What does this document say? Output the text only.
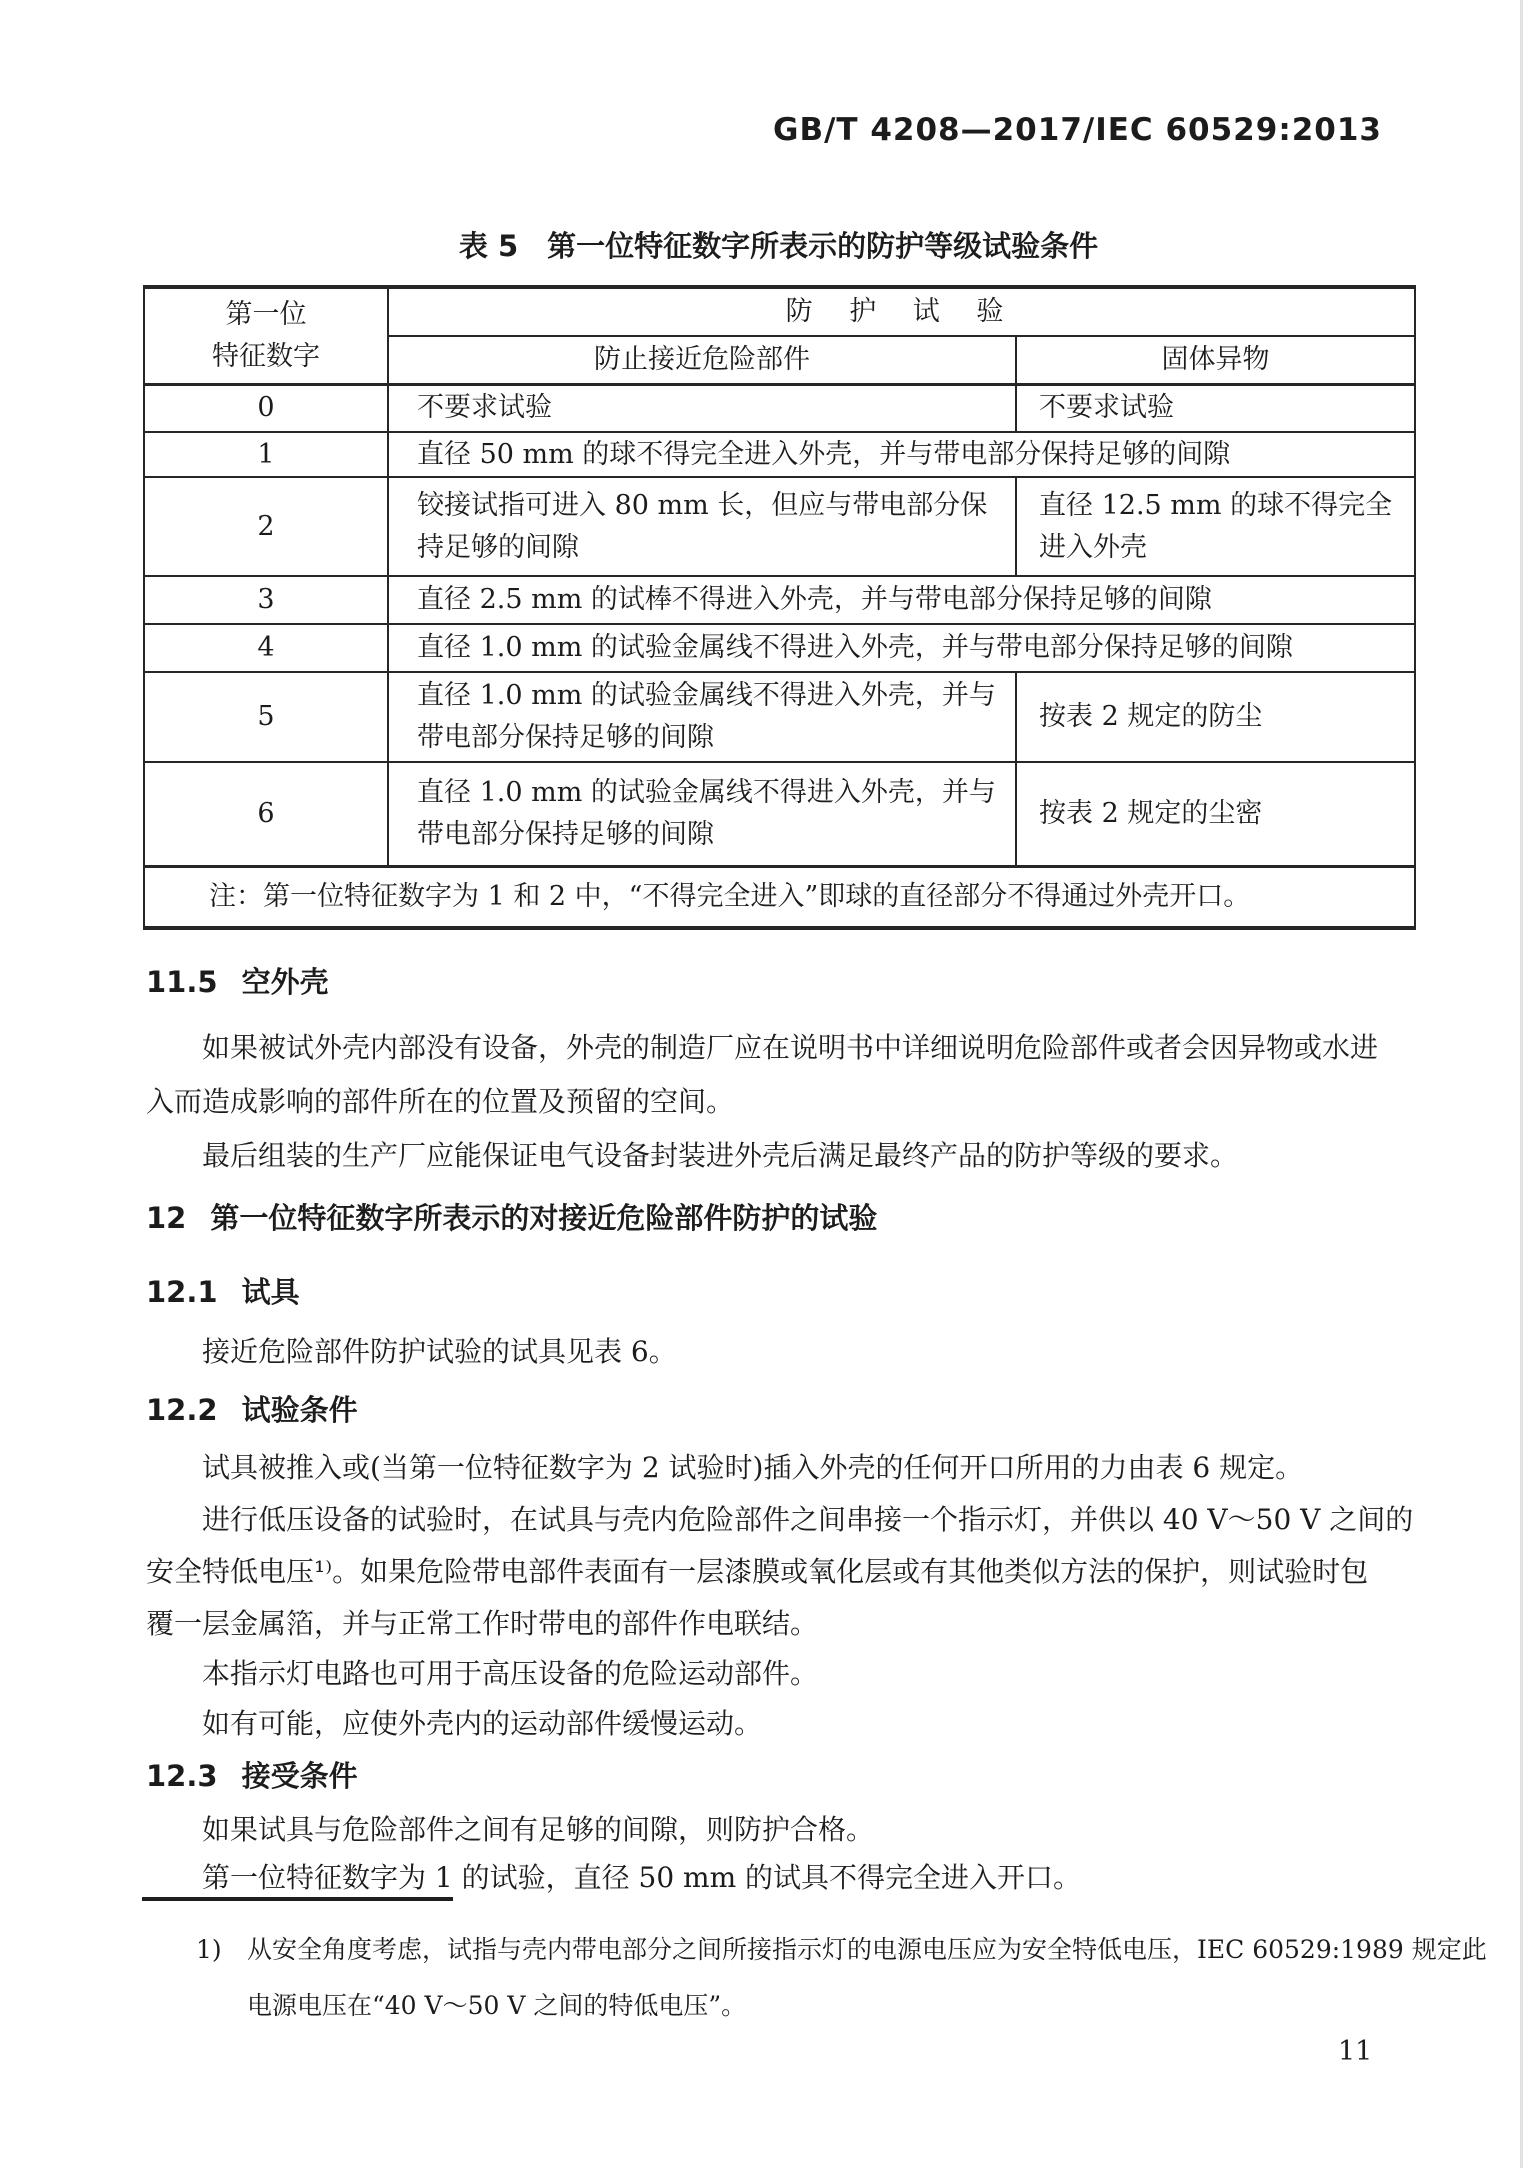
GB/T 4208—2017/IEC 60529:2013
表 5　第一位特征数字所表示的防护等级试验条件
第一位
特征数字	防 护 试 验	
	防止接近危险部件	固体异物
0	不要求试验	不要求试验
1	直径 50 mm 的球不得完全进入外壳，并与带电部分保持足够的间隙	
2	铰接试指可进入 80 mm 长，但应与带电部分保持足够的间隙	直径 12.5 mm 的球不得完全进入外壳
3	直径 2.5 mm 的试棒不得进入外壳，并与带电部分保持足够的间隙	
4	直径 1.0 mm 的试验金属线不得进入外壳，并与带电部分保持足够的间隙	
5	直径 1.0 mm 的试验金属线不得进入外壳，并与带电部分保持足够的间隙	按表 2 规定的防尘
6	直径 1.0 mm 的试验金属线不得进入外壳，并与带电部分保持足够的间隙	按表 2 规定的尘密
注：第一位特征数字为 1 和 2 中，“不得完全进入”即球的直径部分不得通过外壳开口。		
11.5 空外壳
如果被试外壳内部没有设备，外壳的制造厂应在说明书中详细说明危险部件或者会因异物或水进
入而造成影响的部件所在的位置及预留的空间。
最后组装的生产厂应能保证电气设备封装进外壳后满足最终产品的防护等级的要求。
12 第一位特征数字所表示的对接近危险部件防护的试验
12.1 试具
接近危险部件防护试验的试具见表 6。
12.2 试验条件
试具被推入或(当第一位特征数字为 2 试验时)插入外壳的任何开口所用的力由表 6 规定。
进行低压设备的试验时，在试具与壳内危险部件之间串接一个指示灯，并供以 40 V～50 V 之间的
安全特低电压¹⁾。如果危险带电部件表面有一层漆膜或氧化层或有其他类似方法的保护，则试验时包
覆一层金属箔，并与正常工作时带电的部件作电联结。
本指示灯电路也可用于高压设备的危险运动部件。
如有可能，应使外壳内的运动部件缓慢运动。
12.3 接受条件
如果试具与危险部件之间有足够的间隙，则防护合格。
第一位特征数字为 1 的试验，直径 50 mm 的试具不得完全进入开口。
1) 从安全角度考虑，试指与壳内带电部分之间所接指示灯的电源电压应为安全特低电压，IEC 60529:1989 规定此
电源电压在“40 V～50 V 之间的特低电压”。
11
